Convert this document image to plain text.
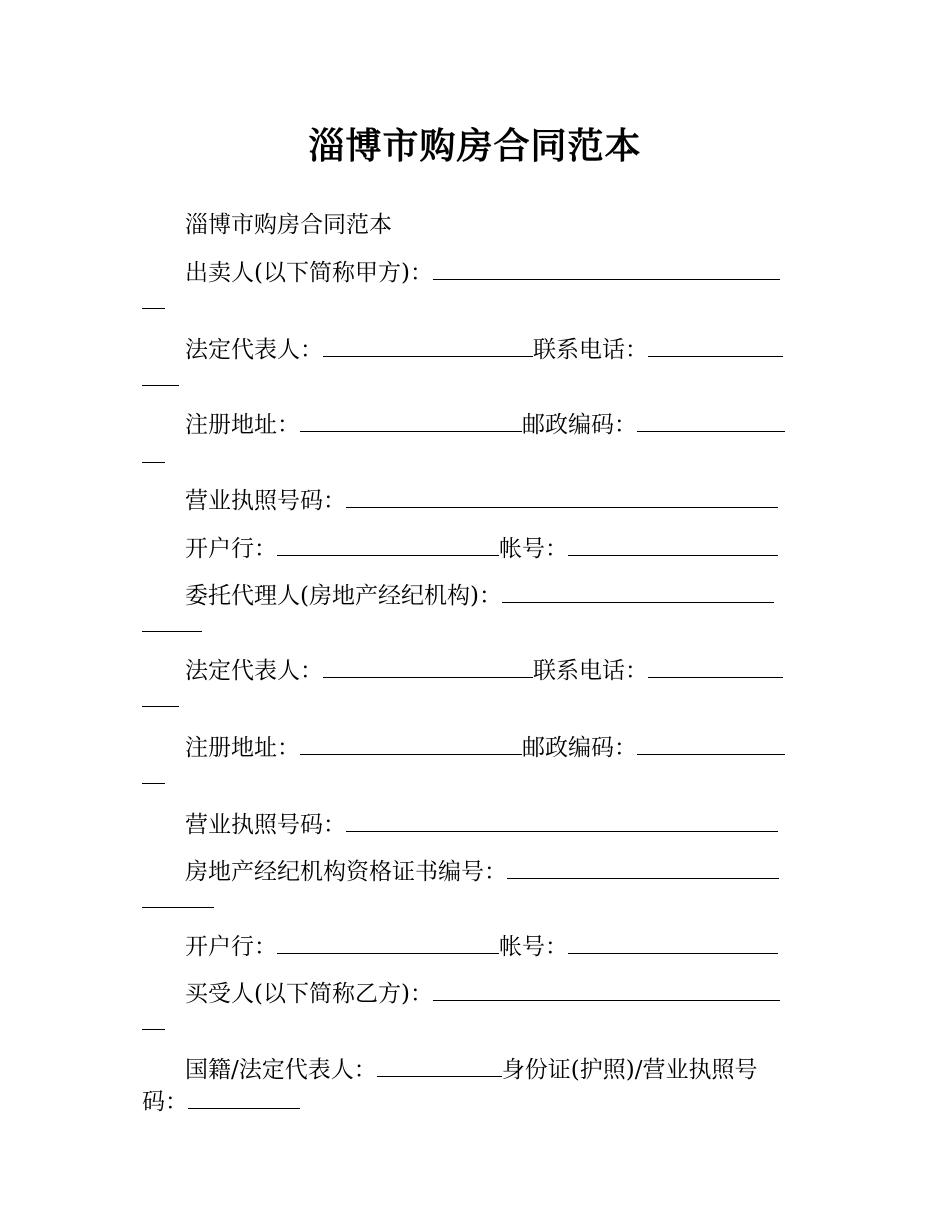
淄博市购房合同范本
淄博市购房合同范本
出卖人(以下简称甲方)：
法定代表人：	联系电话：
注册地址：	邮政编码：
营业执照号码：
开户行：	帐号：
委托代理人(房地产经纪机构)：
法定代表人：	联系电话：
注册地址：	邮政编码：
营业执照号码：
房地产经纪机构资格证书编号：
开户行：	帐号：
买受人(以下简称乙方)：
国籍/法定代表人：	身份证(护照)/营业执照号
码：
